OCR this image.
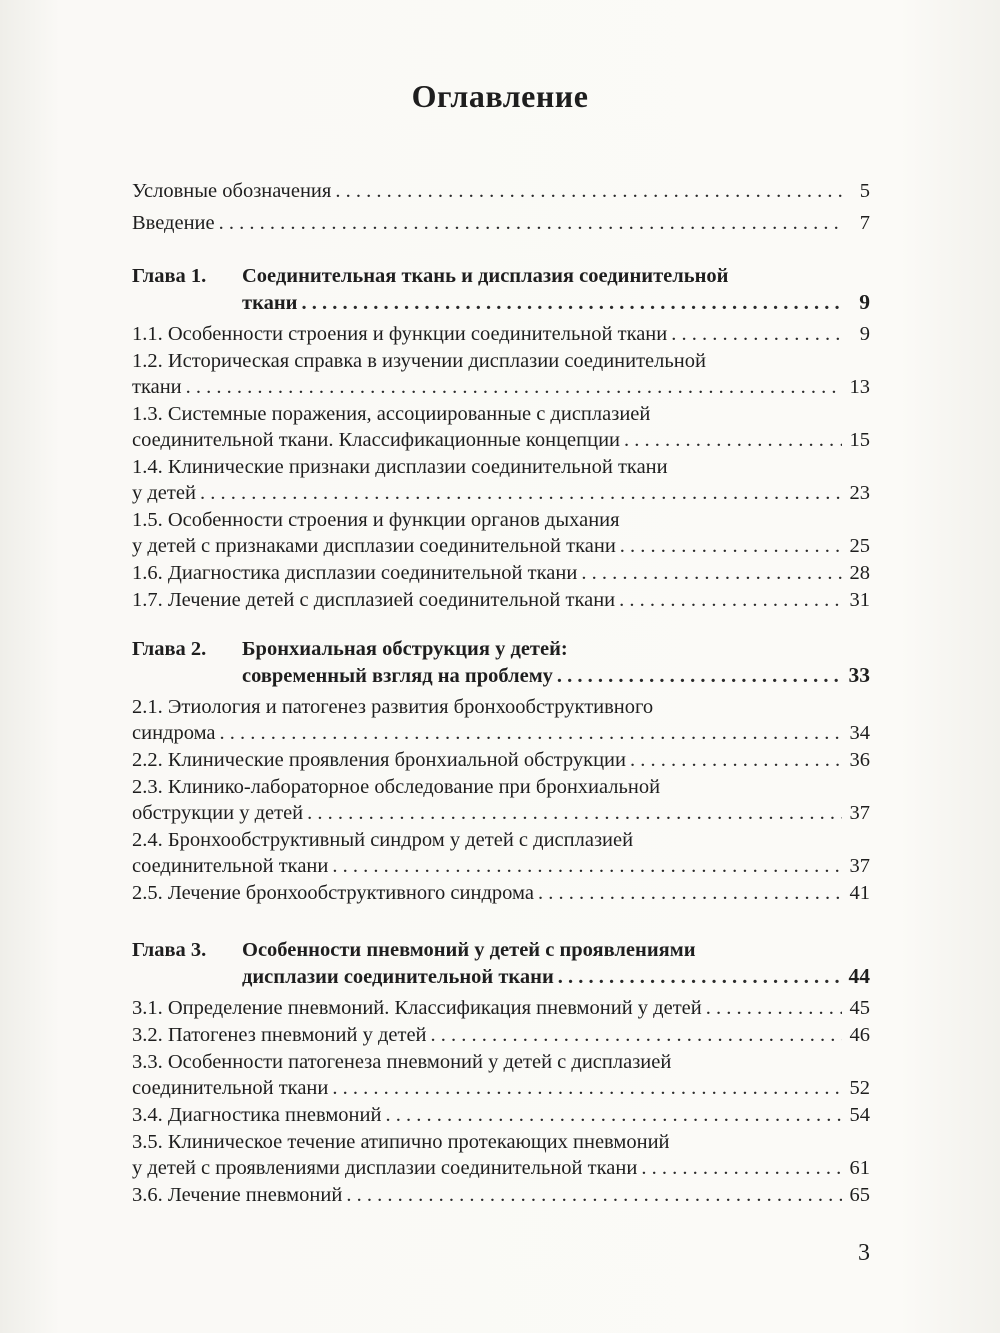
Оглавление
Условные обозначения . . .	5
Введение . . .	7
Глава 1.	Соединительная ткань и дисплазия соединительной
ткани . . .	9
1.1. Особенности строения и функции соединительной ткани . . .	9
1.2. Историческая справка в изучении дисплазии соединительной
ткани . . .	13
1.3. Системные поражения, ассоциированные с дисплазией
соединительной ткани. Классификационные концепции . . .	15
1.4. Клинические признаки дисплазии соединительной ткани
у детей . . .	23
1.5. Особенности строения и функции органов дыхания
у детей с признаками дисплазии соединительной ткани . . .	25
1.6. Диагностика дисплазии соединительной ткани . . .	28
1.7. Лечение детей с дисплазией соединительной ткани . . .	31
Глава 2.	Бронхиальная обструкция у детей:
современный взгляд на проблему . . .	33
2.1. Этиология и патогенез развития бронхообструктивного
синдрома . . .	34
2.2. Клинические проявления бронхиальной обструкции . . .	36
2.3. Клинико-лабораторное обследование при бронхиальной
обструкции у детей . . .	37
2.4. Бронхообструктивный синдром у детей с дисплазией
соединительной ткани . . .	37
2.5. Лечение бронхообструктивного синдрома . . .	41
Глава 3.	Особенности пневмоний у детей с проявлениями
дисплазии соединительной ткани . . .	44
3.1. Определение пневмоний. Классификация пневмоний у детей . . .	45
3.2. Патогенез пневмоний у детей . . .	46
3.3. Особенности патогенеза пневмоний у детей с дисплазией
соединительной ткани . . .	52
3.4. Диагностика пневмоний . . .	54
3.5. Клиническое течение атипично протекающих пневмоний
у детей с проявлениями дисплазии соединительной ткани . . .	61
3.6. Лечение пневмоний . . .	65
3
